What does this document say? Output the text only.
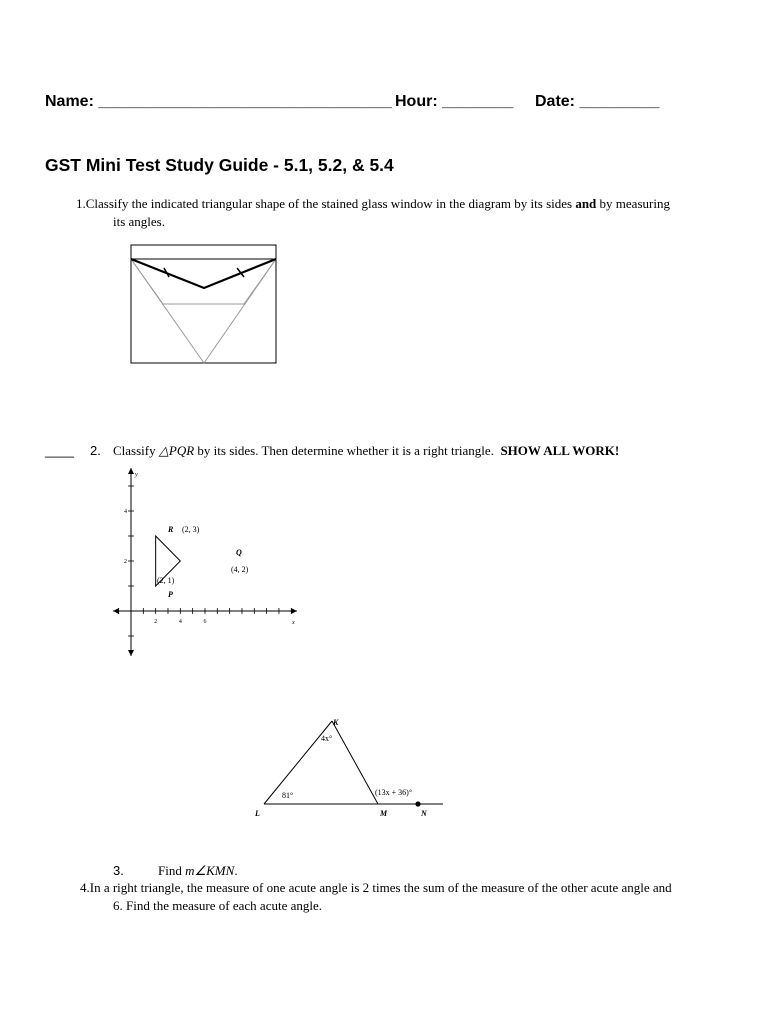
Name: _________________________________ Hour: ________ Date: _________
GST Mini Test Study Guide - 5.1, 5.2, & 5.4
1.Classify the indicated triangular shape of the stained glass window in the diagram by its sides and by measuring
its angles.
____ 2. Classify △PQR by its sides. Then determine whether it is a right triangle. SHOW ALL WORK!
x
y
2	4	6
2
4
R (2, 3)
Q
(4, 2)
(2, 1)
P
K
L	M	N
4x°
81°	(13x + 36)°
3.	Find m∠KMN.
4.In a right triangle, the measure of one acute angle is 2 times the sum of the measure of the other acute angle and
6. Find the measure of each acute angle.
